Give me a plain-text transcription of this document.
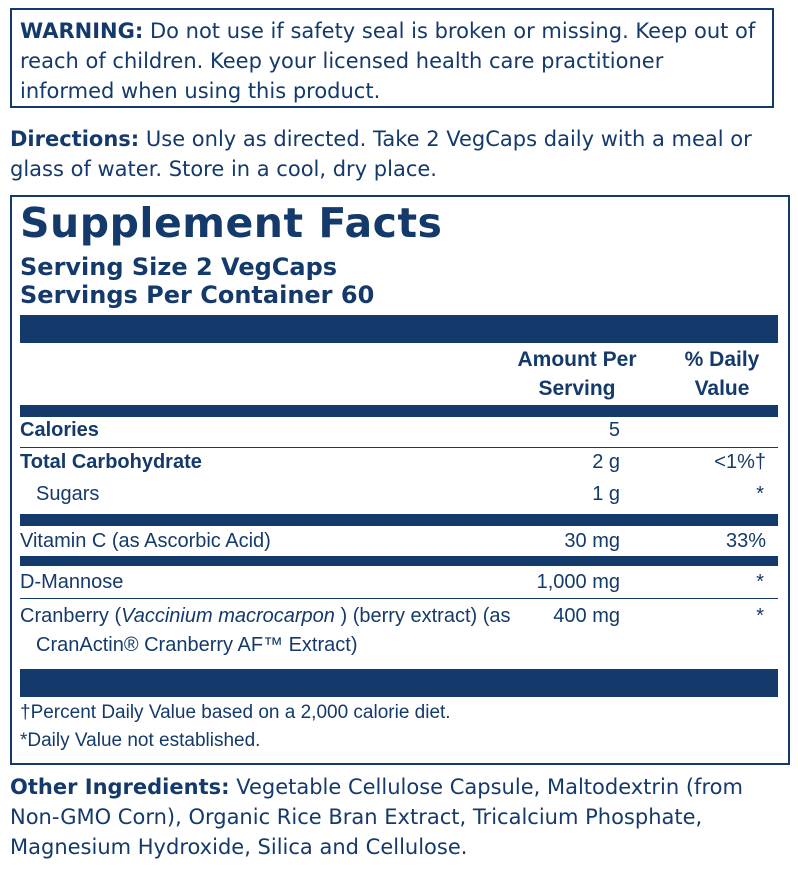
WARNING: Do not use if safety seal is broken or missing. Keep out of reach of children. Keep your licensed health care practitioner informed when using this product.
Directions: Use only as directed. Take 2 VegCaps daily with a meal or glass of water. Store in a cool, dry place.
Supplement Facts
Serving Size 2 VegCaps
Servings Per Container 60
Amount Per
Serving
% Daily
Value
Calories	5
Total Carbohydrate	2 g	<1%†
Sugars	1 g	*
Vitamin C (as Ascorbic Acid)	30 mg	33%
D-Mannose	1,000 mg	*
Cranberry (Vaccinium macrocarpon ) (berry extract) (as
CranActin® Cranberry AF™ Extract)
400 mg	*
†Percent Daily Value based on a 2,000 calorie diet.
*Daily Value not established.
Other Ingredients: Vegetable Cellulose Capsule, Maltodextrin (from Non-GMO Corn), Organic Rice Bran Extract, Tricalcium Phosphate, Magnesium Hydroxide, Silica and Cellulose.
